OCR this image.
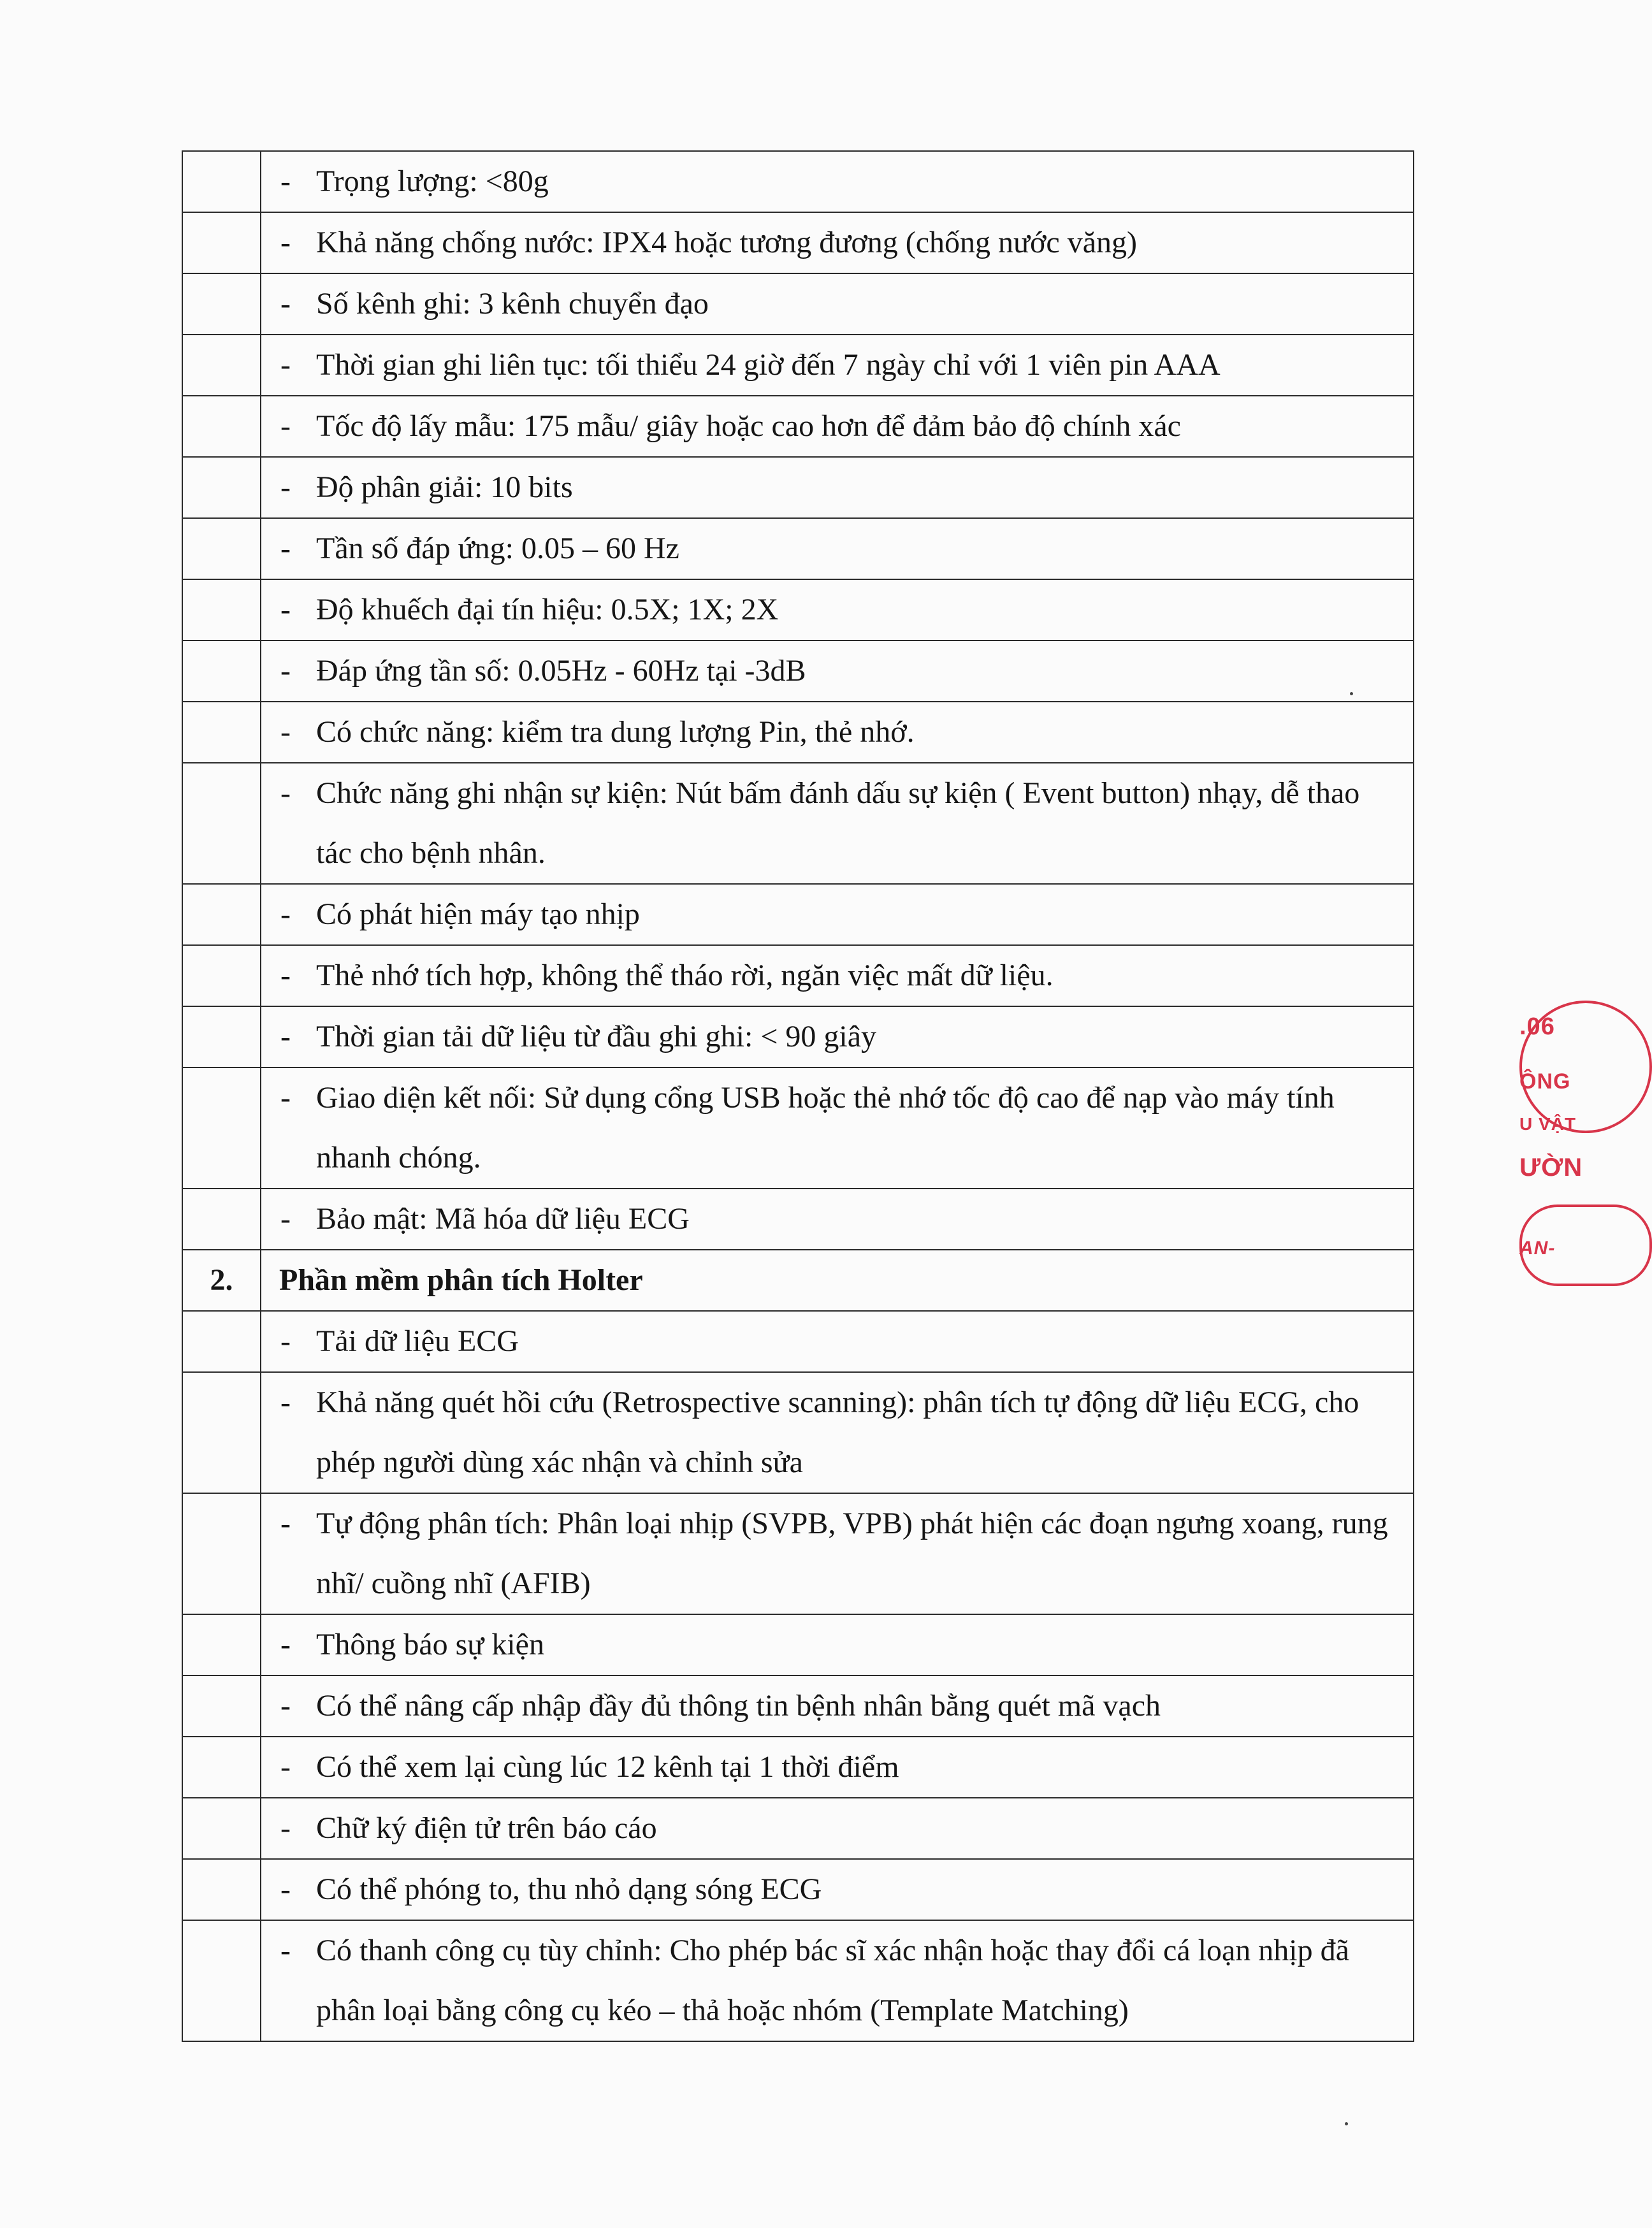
	- Trọng lượng: <80g

	- Khả năng chống nước: IPX4 hoặc tương đương (chống nước văng)

	- Số kênh ghi: 3 kênh chuyển đạo

	- Thời gian ghi liên tục: tối thiểu 24 giờ đến 7 ngày chỉ với 1 viên pin AAA

	- Tốc độ lấy mẫu: 175 mẫu/ giây hoặc cao hơn để đảm bảo độ chính xác

	- Độ phân giải: 10 bits

	- Tần số đáp ứng: 0.05 – 60 Hz

	- Độ khuếch đại tín hiệu: 0.5X; 1X; 2X

	- Đáp ứng tần số: 0.05Hz - 60Hz tại -3dB

	- Có chức năng: kiểm tra dung lượng Pin, thẻ nhớ.

	- Chức năng ghi nhận sự kiện: Nút bấm đánh dấu sự kiện ( Event button) nhạy, dễ thao tác cho bệnh nhân.

	- Có phát hiện máy tạo nhịp

	- Thẻ nhớ tích hợp, không thể tháo rời, ngăn việc mất dữ liệu.

	- Thời gian tải dữ liệu từ đầu ghi ghi: < 90 giây

	- Giao diện kết nối: Sử dụng cổng USB hoặc thẻ nhớ tốc độ cao để nạp vào máy tính nhanh chóng.

	- Bảo mật: Mã hóa dữ liệu ECG

2.	Phần mềm phân tích Holter

	- Tải dữ liệu ECG

	- Khả năng quét hồi cứu (Retrospective scanning): phân tích tự động dữ liệu ECG, cho phép người dùng xác nhận và chỉnh sửa

	- Tự động phân tích: Phân loại nhịp (SVPB, VPB) phát hiện các đoạn ngưng xoang, rung nhĩ/ cuồng nhĩ (AFIB)

	- Thông báo sự kiện

	- Có thể nâng cấp nhập đầy đủ thông tin bệnh nhân bằng quét mã vạch

	- Có thể xem lại cùng lúc 12 kênh tại 1 thời điểm

	- Chữ ký điện tử trên báo cáo

	- Có thể phóng to, thu nhỏ dạng sóng ECG

	- Có thanh công cụ tùy chỉnh: Cho phép bác sĩ xác nhận hoặc thay đổi cá loạn nhịp đã phân loại bằng công cụ kéo – thả hoặc nhóm (Template Matching)
.06
ÔNG
U VẬT
ƯỜN
AN-
